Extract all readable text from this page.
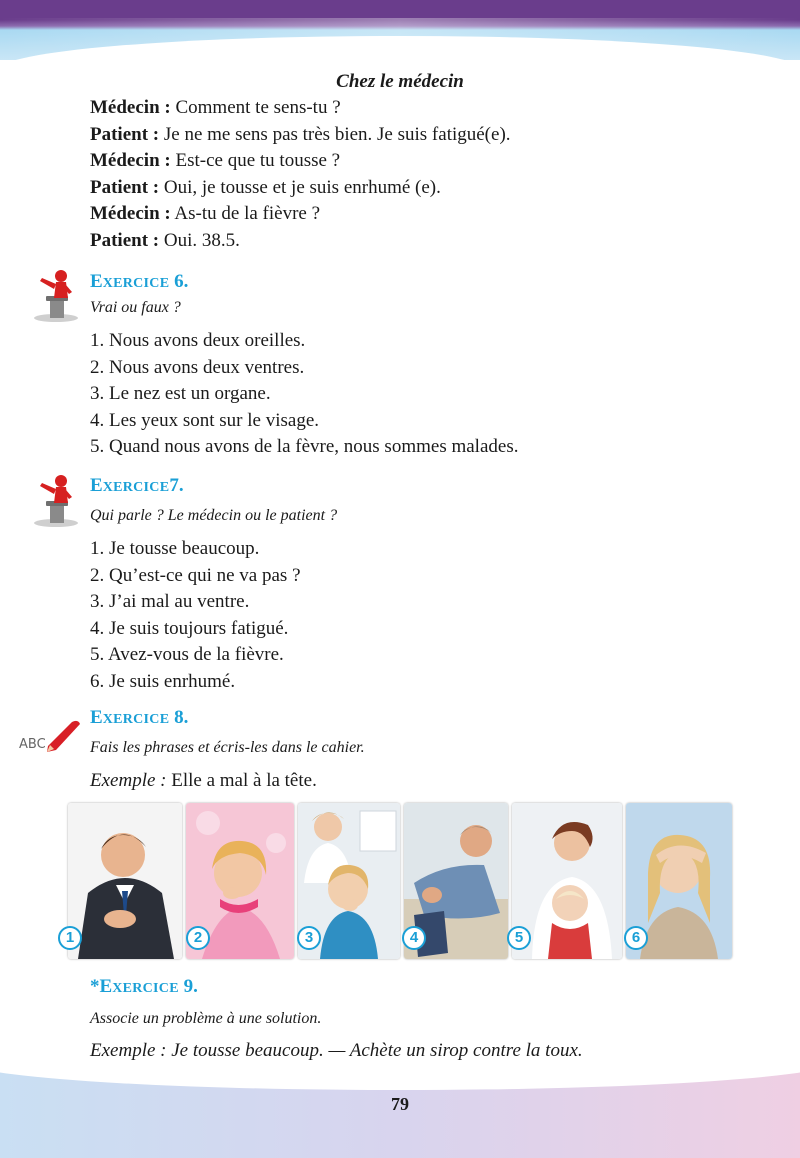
Chez le médecin
Médecin : Comment te sens-tu ?
Patient : Je ne me sens pas très bien. Je suis fatigué(e).
Médecin : Est-ce que tu tousse ?
Patient : Oui, je tousse et je suis enrhumé (e).
Médecin : As-tu de la fièvre ?
Patient : Oui. 38.5.
EXERCICE 6.
Vrai ou faux ?
1. Nous avons deux oreilles.
2. Nous avons deux ventres.
3. Le nez est un organe.
4. Les yeux sont sur le visage.
5. Quand nous avons de la fèvre, nous sommes malades.
EXERCICE7.
Qui parle ? Le médecin ou le patient ?
1. Je tousse beaucoup.
2. Qu’est-ce qui ne va pas ?
3. J’ai mal au ventre.
4. Je suis toujours fatigué.
5. Avez-vous de la fièvre.
6. Je suis enrhumé.
ABC
EXERCICE 8.
Fais les phrases et écris-les dans le cahier.
Exemple : Elle a mal à la tête.
1	2	3	4	5	6
*EXERCICE 9.
Associe un problème à une solution.
Exemple : Je tousse beaucoup. — Achète un sirop contre la toux.
79
